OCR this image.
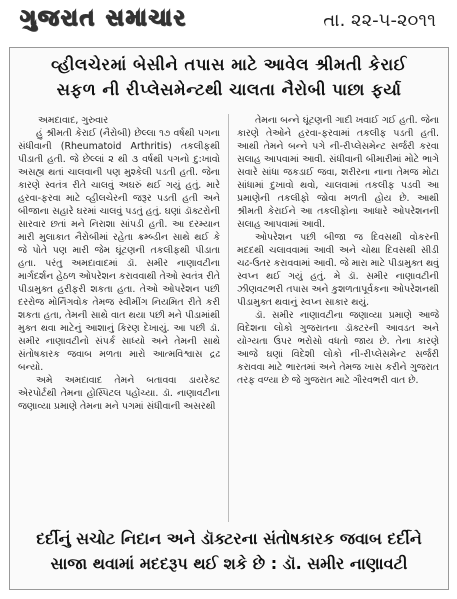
ગુજરાત સમાચાર	તા. ૨૨-૫-૨૦૧૧
વ્હીલચેરમાં બેસીને તપાસ માટે આવેલ શ્રીમતી કેરાઈ
સફળ ની રીપ્લેસમેન્ટથી ચાલતા નૈરોબી પાછા ફર્યા

અમદાવાદ, ગુરુવાર

હું શ્રીમતી કેરાઈ (નૈરોબી) છેલ્લા ૧૭ વર્ષથી પગના સંધીવાની (Rheumatoid Arthritis) તકલીફથી પીડાતી હતી. જે છેલ્લાં ૨ થી ૩ વર્ષથી પગનો દુ:ખાવો અસહ્ય થતાં ચાલવાની પણ મુશ્કેલી પડતી હતી. જેના કારણે સ્વતંત્ર રીતે ચાલવું અઘરું થઈ ગયું હતું. મારે હરવા-ફરવા માટે વ્હીલચેરની જરૂર પડતી હતી અને બીજાના સહારે ઘરમાં ચાલવું પડતું હતું. ઘણાં ડૉક્ટરોની સારવાર છતાં મને નિરાશા સાંપડી હતી. આ દરમ્યાન મારી મુલાકાત નૈરોબીમાં રહેતા ક્રમ્બ્ડીન સાથે થઈ કે જે પોતે પણ મારી જેમ ઘૂંટણની તકલીફથી પીડાતા હતા. પરંતુ અમદાવાદમાં ડૉ. સમીર નાણાવટીના માર્ગદર્શન હેઠળ ઓપરેશન કરાવવાથી તેઓ સ્વતંત્ર રીતે પીડામુક્ત હરીફરી શકતા હતા. તેઓ ઓપરેશન પછી દરરોજ મોર્નિંગવોક તેમજ સ્વીમીંગ નિયમિત રીતે કરી શકતા હતા, તેમની સાથે વાત થયા પછી મને પીડામાંથી મુક્ત થવા માટેનું આશાનું કિરણ દેખાયું. આ પછી ડૉ. સમીર નાણાવટીનો સંપર્ક સાધ્યો અને તેમની સાથે સંતોષકારક જવાબ મળતા મારો આત્મવિશ્વાસ દ્રઢ બન્યો.

અમે અમદાવાદ તેમને બતાવવા ડાયરેક્ટ એરપોર્ટથી તેમના હોસ્પિટલ પહોંચ્યા. ડૉ. નાણાવટીના જણાવ્યા પ્રમાણે તેમના મને પગમાં સંધીવાની અસરથી

તેમના બન્ને ઘૂંટણની ગાદી ખવાઈ ગઈ હતી. જેના કારણે તેઓને હરવા-ફરવામાં તકલીફ પડતી હતી. આથી તેમને બન્ને પગે ની-રીપ્લેસમેન્ટ સર્જરી કરવા સલાહ આપવામાં આવી. સંધીવાની બીમારીમાં મોટે ભાગે સવારે સાંધા જકડાઈ જવા, શરીરના નાના તેમજ મોટા સાંધામાં દુખાવો થવો, ચાલવામાં તકલીફ પડવી આ પ્રમાણેની તકલીફો જોવા મળતી હોય છે. આથી શ્રીમતી કેરાઈને આ તકલીફોના આધારે ઓપરેશનની સલાહ આપવામાં આવી.

ઓપરેશન પછી બીજા જ દિવસથી વોકરની મદદથી ચલાવવામાં આવી અને ચોથા દિવસથી સીડી ચઢ-ઉતર કરાવવામાં આવી. જે મારા માટે પીડામુક્ત થવું સ્વપ્ન થઈ ગયું હતું. મે ડૉ. સમીર નાણાવટીની ઝીણવટભરી તપાસ અને કુશળતાપૂર્વકના ઓપરેશનથી પીડામુક્ત થવાનું સ્વપ્ન સાકાર થયું.

ડૉ. સમીર નાણાવટીના જણાવ્યા પ્રમાણે આજે વિદેશના લોકો ગુજરાતના ડૉક્ટરની આવડત અને યોગ્યતા ઉપર ભરોસો વધતો જાય છે. તેના કારણે આજે ઘણાં વિદેશી લોકો ની-રીપ્લેસમેન્ટ સર્જરી કરાવવા માટે ભારતમાં અને તેમજ ખાસ કરીને ગુજરાત તરફ વળ્યા છે જે ગુજરાત માટે ગૌરવભરી વાત છે.

દર્દીનું સચોટ નિદાન અને ડૉક્ટરના સંતોષકારક જવાબ દર્દીને
સાજા થવામાં મદદરૂપ થઈ શકે છે : ડૉ. સમીર નાણાવટી
